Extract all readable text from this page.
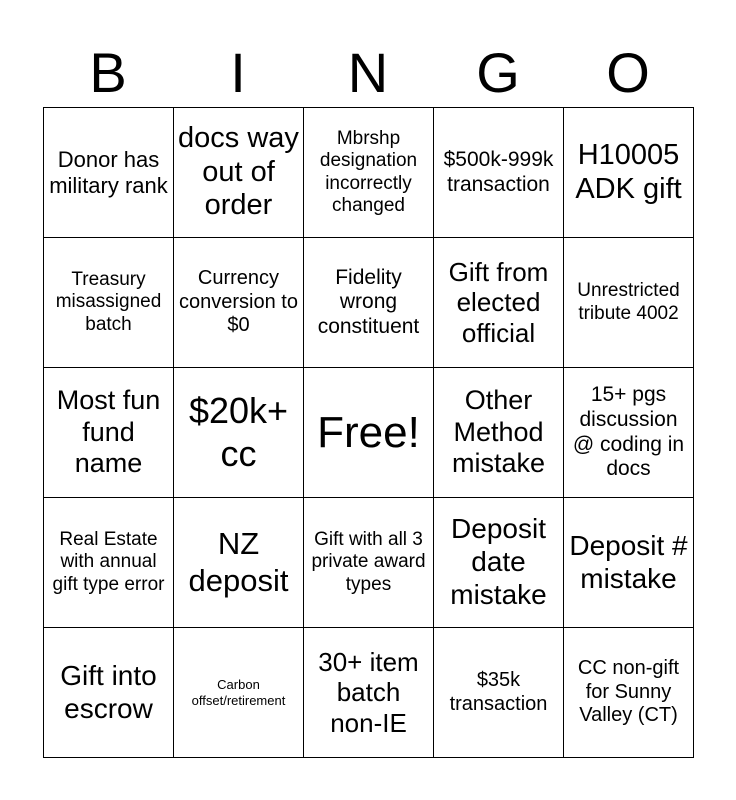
B	I	N	G	O
Donor has military rank	docs way out of order	Mbrshp designation incorrectly changed	$500k-999k transaction	H10005 ADK gift
Treasury misassigned batch	Currency conversion to $0	Fidelity wrong constituent	Gift from elected official	Unrestricted tribute 4002
Most fun fund name	$20k+ cc	Free!	Other Method mistake	15+ pgs discussion @ coding in docs
Real Estate with annual gift type error	NZ deposit	Gift with all 3 private award types	Deposit date mistake	Deposit # mistake
Gift into escrow	Carbon offset/retirement	30+ item batch non-IE	$35k transaction	CC non-gift for Sunny Valley (CT)
